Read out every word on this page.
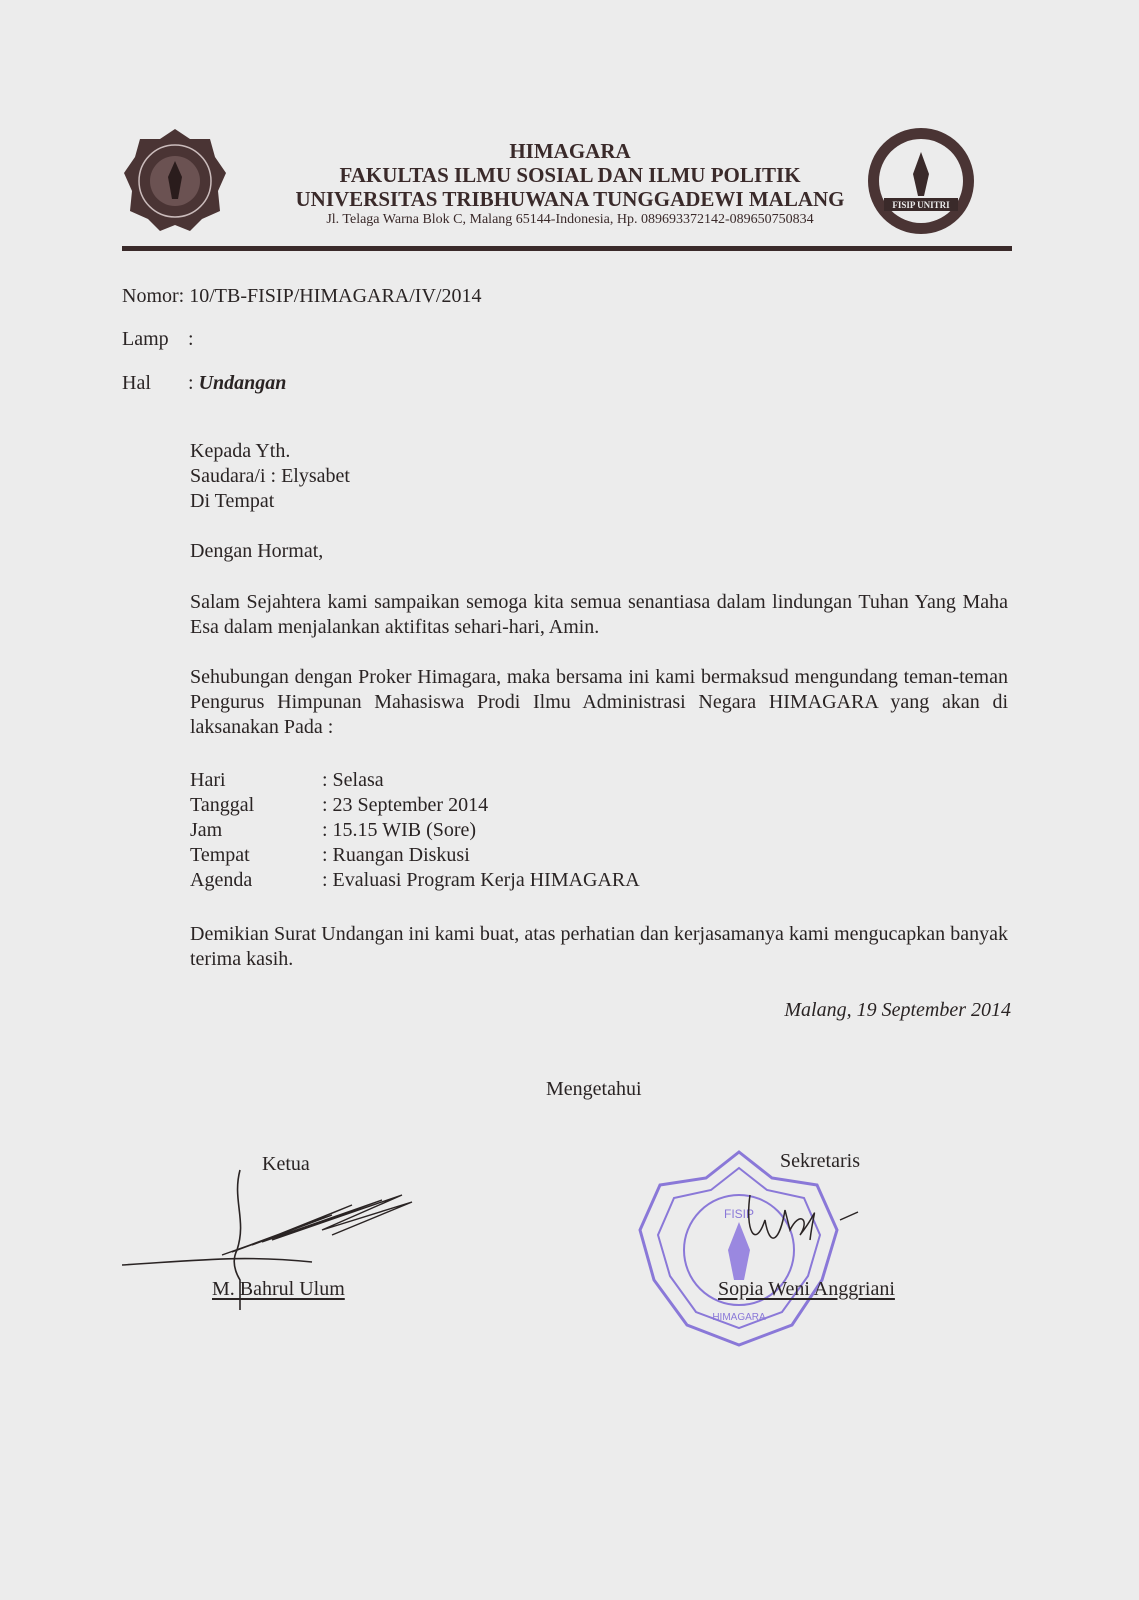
HIMAGARA
FAKULTAS ILMU SOSIAL DAN ILMU POLITIK
UNIVERSITAS TRIBHUWANA TUNGGADEWI MALANG
Jl. Telaga Warna Blok C, Malang 65144-Indonesia, Hp. 089693372142-089650750834
FISIP UNITRI
Nomor: 10/TB-FISIP/HIMAGARA/IV/2014
Lamp :
Hal : Undangan
Kepada Yth.
Saudara/i : Elysabet
Di Tempat
Dengan Hormat,
Salam Sejahtera kami sampaikan semoga kita semua senantiasa dalam lindungan Tuhan Yang Maha Esa dalam menjalankan aktifitas sehari-hari, Amin.
Sehubungan dengan Proker Himagara, maka bersama ini kami bermaksud mengundang teman-teman Pengurus Himpunan Mahasiswa Prodi Ilmu Administrasi Negara HIMAGARA yang akan di laksanakan Pada :
Hari	: Selasa
Tanggal	: 23 September 2014
Jam	: 15.15 WIB (Sore)
Tempat	: Ruangan Diskusi
Agenda	: Evaluasi Program Kerja HIMAGARA
Demikian Surat Undangan ini kami buat, atas perhatian dan kerjasamanya kami mengucapkan banyak terima kasih.
Malang, 19 September 2014
Mengetahui
Ketua
M. Bahrul Ulum
FISIP
HIMAGARA
Sekretaris
Sopia Weni Anggriani
